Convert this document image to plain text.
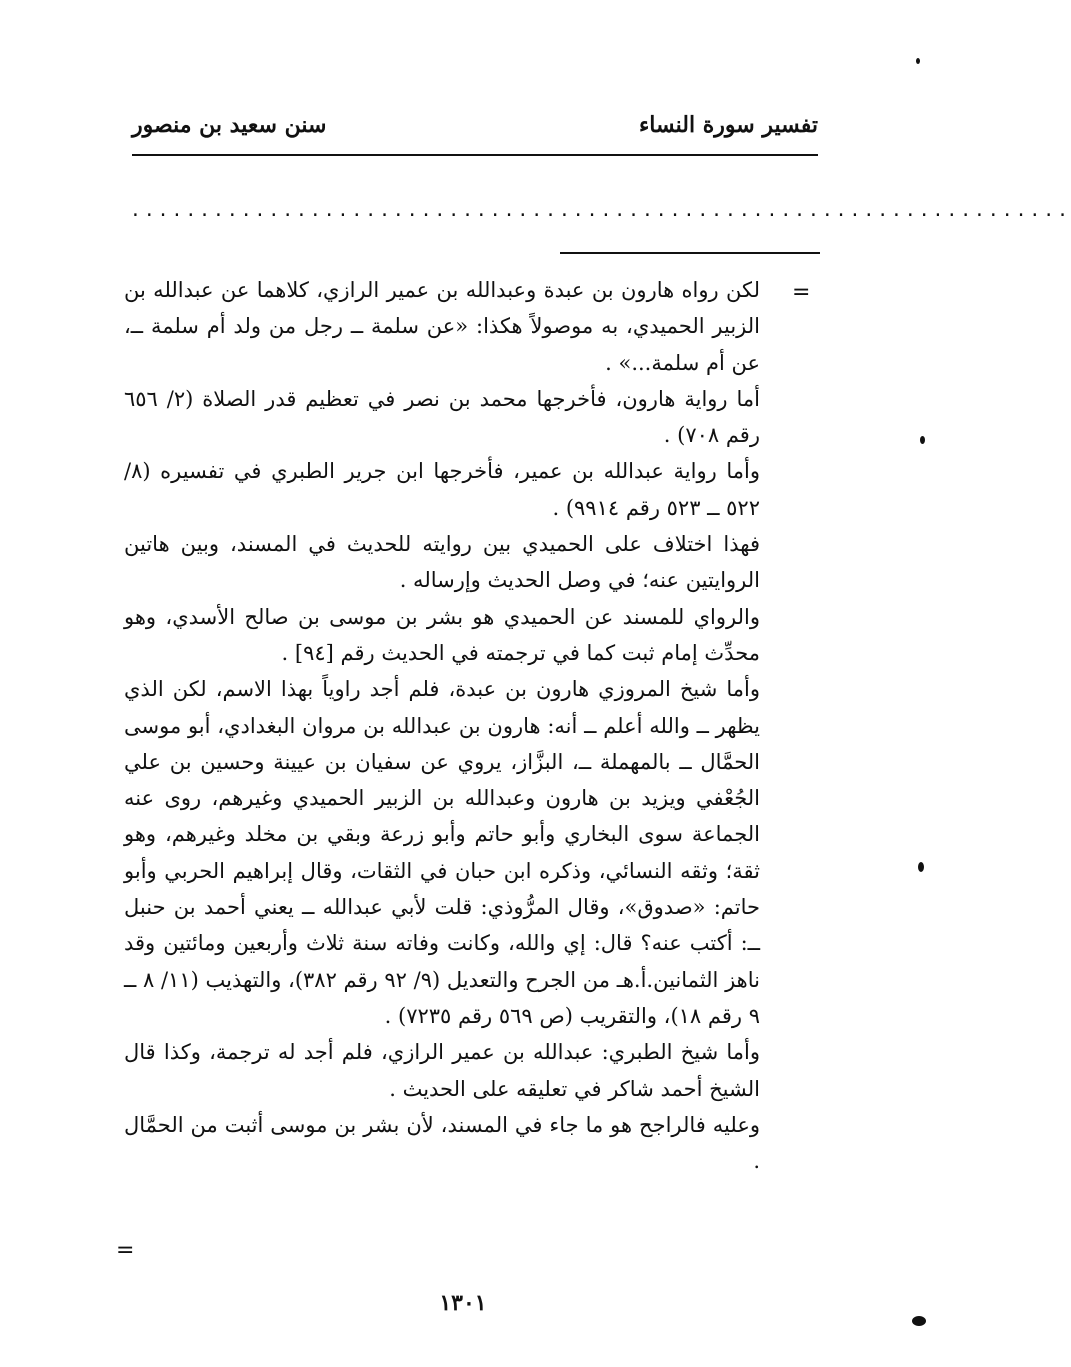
تفسير سورة النساء
سنن سعيد بن منصور
....................................................................
=

لكن رواه هارون بن عبدة وعبدالله بن عمير الرازي، كلاهما عن عبدالله بن الزبير الحميدي، به موصولاً هكذا: «عن سلمة ــ رجل من ولد أم سلمة ــ، عن أم سلمة...» .

أما رواية هارون، فأخرجها محمد بن نصر في تعظيم قدر الصلاة (٢/ ٦٥٦ رقم ٧٠٨) .

وأما رواية عبدالله بن عمير، فأخرجها ابن جرير الطبري في تفسيره (٨/ ٥٢٢ ــ ٥٢٣ رقم ٩٩١٤) .

فهذا اختلاف على الحميدي بين روايته للحديث في المسند، وبين هاتين الروايتين عنه؛ في وصل الحديث وإرساله .

والرواي للمسند عن الحميدي هو بشر بن موسى بن صالح الأسدي، وهو محدِّث إمام ثبت كما في ترجمته في الحديث رقم [٩٤] .

وأما شيخ المروزي هارون بن عبدة، فلم أجد راوياً بهذا الاسم، لكن الذي يظهر ــ والله أعلم ــ أنه: هارون بن عبدالله بن مروان البغدادي، أبو موسى الحمَّال ــ بالمهملة ــ، البزَّاز، يروي عن سفيان بن عيينة وحسين بن علي الجُعْفي ويزيد بن هارون وعبدالله بن الزبير الحميدي وغيرهم، روى عنه الجماعة سوى البخاري وأبو حاتم وأبو زرعة وبقي بن مخلد وغيرهم، وهو ثقة؛ وثقه النسائي، وذكره ابن حبان في الثقات، وقال إبراهيم الحربي وأبو حاتم: «صدوق»، وقال المرُّوذي: قلت لأبي عبدالله ــ يعني أحمد بن حنبل ــ: أكتب عنه؟ قال: إي والله، وكانت وفاته سنة ثلاث وأربعين ومائتين وقد ناهز الثمانين.أ.هـ من الجرح والتعديل (٩/ ٩٢ رقم ٣٨٢)، والتهذيب (١١/ ٨ ــ ٩ رقم ١٨)، والتقريب (ص ٥٦٩ رقم ٧٢٣٥) .

وأما شيخ الطبري: عبدالله بن عمير الرازي، فلم أجد له ترجمة، وكذا قال الشيخ أحمد شاكر في تعليقه على الحديث .

وعليه فالراجح هو ما جاء في المسند، لأن بشر بن موسى أثبت من الحمَّال .

=
١٣٠١
